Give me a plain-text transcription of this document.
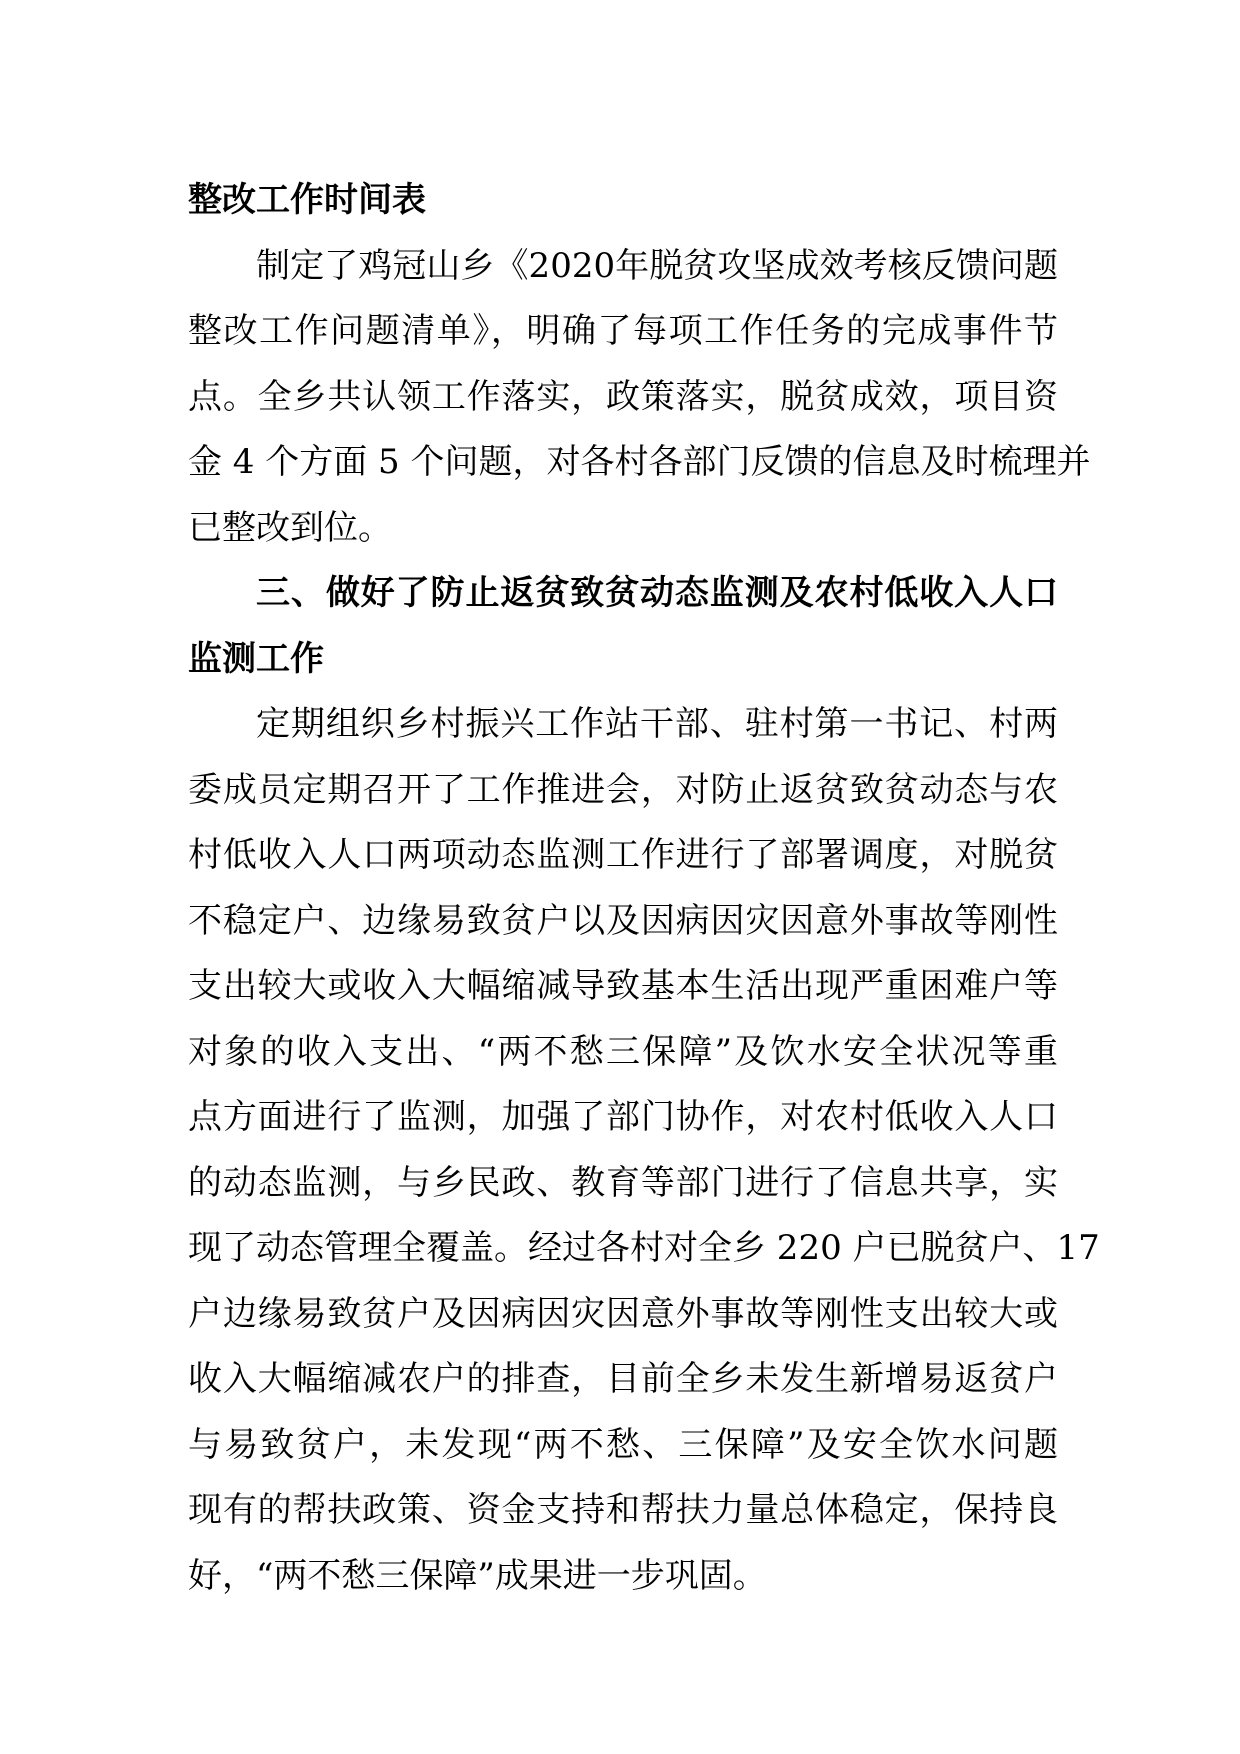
整改工作时间表
制定了鸡冠山乡《2020年脱贫攻坚成效考核反馈问题
整改工作问题清单》，明确了每项工作任务的完成事件节
点。全乡共认领工作落实，政策落实，脱贫成效，项目资
金 4 个方面 5 个问题，对各村各部门反馈的信息及时梳理并
已整改到位。
三、做好了防止返贫致贫动态监测及农村低收入人口
监测工作
定期组织乡村振兴工作站干部、驻村第一书记、村两
委成员定期召开了工作推进会，对防止返贫致贫动态与农
村低收入人口两项动态监测工作进行了部署调度，对脱贫
不稳定户、边缘易致贫户以及因病因灾因意外事故等刚性
支出较大或收入大幅缩减导致基本生活出现严重困难户等
对象的收入支出、“两不愁三保障”及饮水安全状况等重
点方面进行了监测，加强了部门协作，对农村低收入人口
的动态监测，与乡民政、教育等部门进行了信息共享，实
现了动态管理全覆盖。经过各村对全乡 220 户已脱贫户、17
户边缘易致贫户及因病因灾因意外事故等刚性支出较大或
收入大幅缩减农户的排查，目前全乡未发生新增易返贫户
与易致贫户，未发现“两不愁、三保障”及安全饮水问题
现有的帮扶政策、资金支持和帮扶力量总体稳定，保持良
好，“两不愁三保障”成果进一步巩固。
